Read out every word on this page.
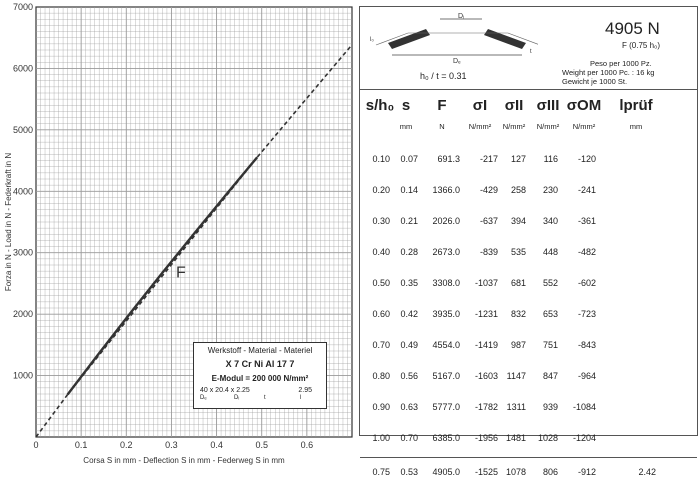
0	0.1	0.2	0.3	0.4	0.5	0.6
1000
2000
3000
4000
5000
6000
7000
Corsa S in mm - Deflection S in mm - Federweg S in mm
Forza in N - Load in N - Federkraft in N	F
Werkstoff - Material - Materiel
X 7 Cr Ni Al 17 7
E-Modul = 200 000 N/mm²
40 x 20.4 x 2.25	2.95
Dₑ	Dᵢ	t	l
Dᵢ
Dₑ
l₀
t
h₀ / t = 0.31
4905 N
F (0.75 h₀)
Peso per 1000 Pz.
Weight per 1000 Pc. : 16 kg
Gewicht je 1000 St.
s/h₀ s
mm
F
N
σI
N/mm²
σII
N/mm²
σIII
N/mm²
σOM
N/mm²
lprüf
mm
0.10	0.07	691.3	-217	127	116	-120
0.20	0.14	1366.0	-429	258	230	-241
0.30	0.21	2026.0	-637	394	340	-361
0.40	0.28	2673.0	-839	535	448	-482
0.50	0.35	3308.0	-1037	681	552	-602
0.60	0.42	3935.0	-1231	832	653	-723
0.70	0.49	4554.0	-1419	987	751	-843
0.80	0.56	5167.0	-1603 1147	847	-964
0.90	0.63	5777.0	-1782 1311	939	-1084
1.00	0.70	6385.0	-1956 1481	1028	-1204
0.75	0.53	4905.0	-1525 1078	806	-912	2.42
